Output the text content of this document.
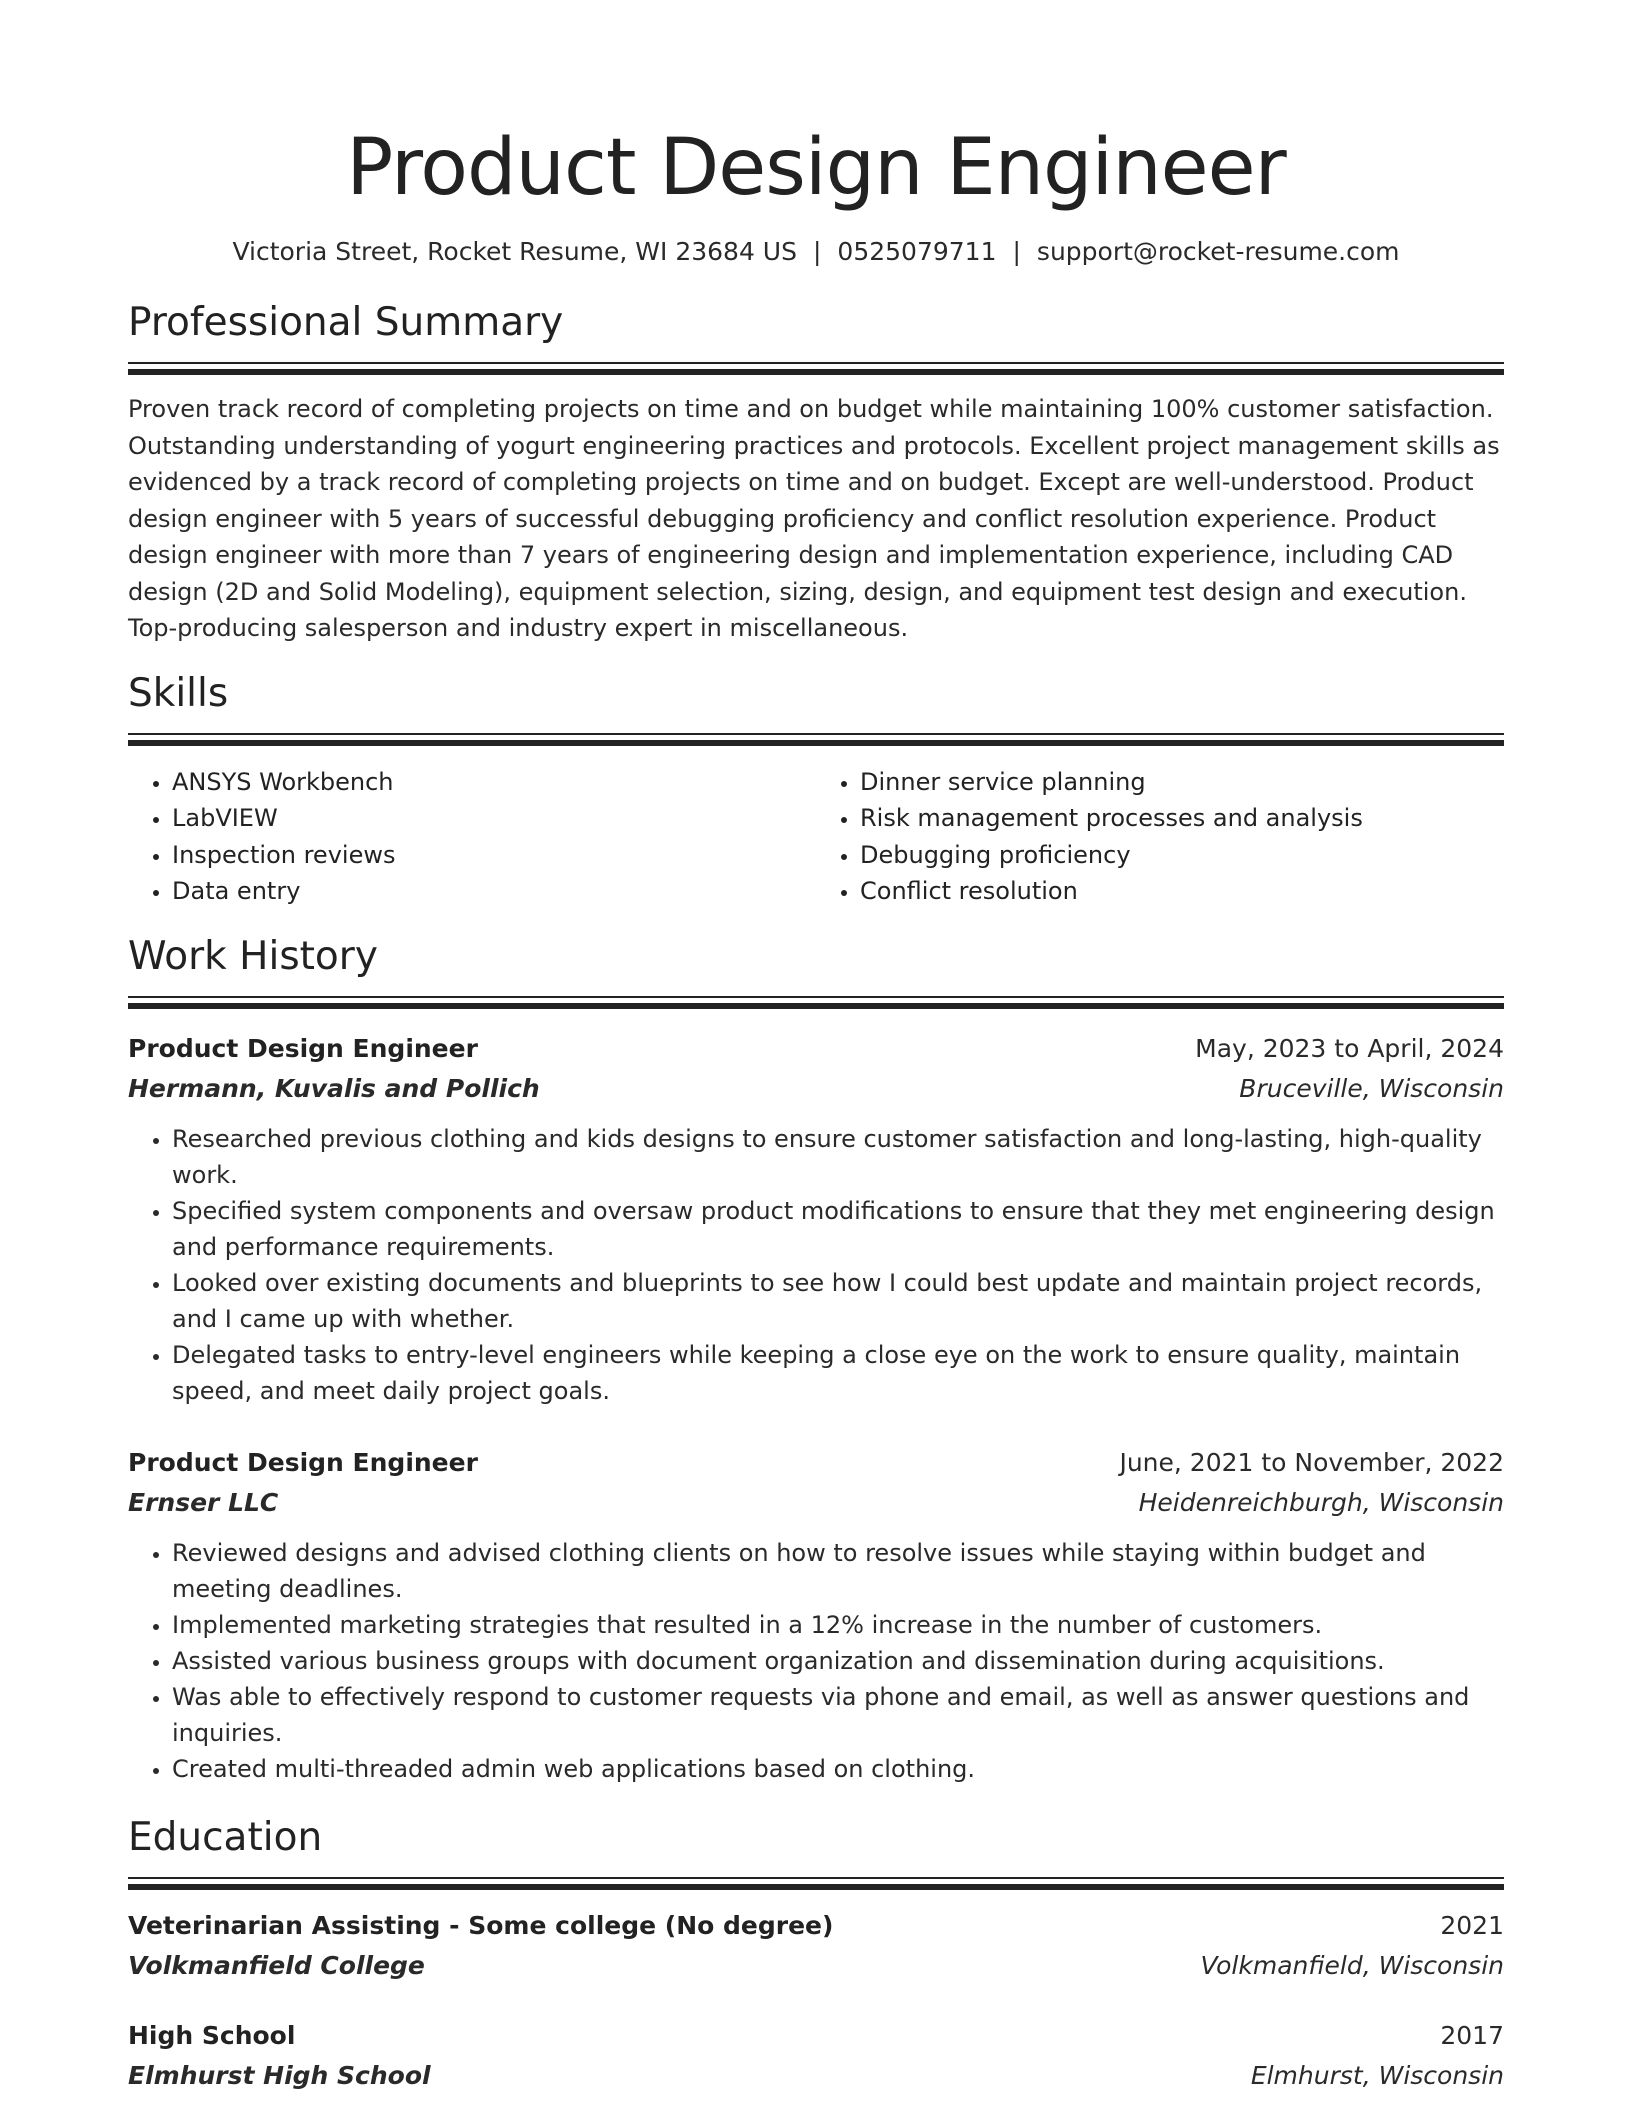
Product Design Engineer
Victoria Street, Rocket Resume, WI 23684 US | 0525079711 | support@rocket-resume.com
Professional Summary

Proven track record of completing projects on time and on budget while maintaining 100% customer satisfaction. Outstanding understanding of yogurt engineering practices and protocols. Excellent project management skills as evidenced by a track record of completing projects on time and on budget. Except are well-understood. Product design engineer with 5 years of successful debugging proficiency and conflict resolution experience. Product design engineer with more than 7 years of engineering design and implementation experience, including CAD design (2D and Solid Modeling), equipment selection, sizing, design, and equipment test design and execution. Top-producing salesperson and industry expert in miscellaneous.

Skills
• ANSYS Workbench
• LabVIEW
• Inspection reviews
• Data entry
• Dinner service planning
• Risk management processes and analysis
• Debugging proficiency
• Conflict resolution
Work History
Product Design Engineer	May, 2023 to April, 2024
Hermann, Kuvalis and Pollich	Bruceville, Wisconsin
• Researched previous clothing and kids designs to ensure customer satisfaction and long-lasting, high-quality work.
• Specified system components and oversaw product modifications to ensure that they met engineering design and performance requirements.
• Looked over existing documents and blueprints to see how I could best update and maintain project records, and I came up with whether.
• Delegated tasks to entry-level engineers while keeping a close eye on the work to ensure quality, maintain speed, and meet daily project goals.
Product Design Engineer	June, 2021 to November, 2022
Ernser LLC	Heidenreichburgh, Wisconsin
• Reviewed designs and advised clothing clients on how to resolve issues while staying within budget and meeting deadlines.
• Implemented marketing strategies that resulted in a 12% increase in the number of customers.
• Assisted various business groups with document organization and dissemination during acquisitions.
• Was able to effectively respond to customer requests via phone and email, as well as answer questions and inquiries.
• Created multi-threaded admin web applications based on clothing.
Education
Veterinarian Assisting - Some college (No degree)	2021
Volkmanfield College	Volkmanfield, Wisconsin
High School	2017
Elmhurst High School	Elmhurst, Wisconsin
